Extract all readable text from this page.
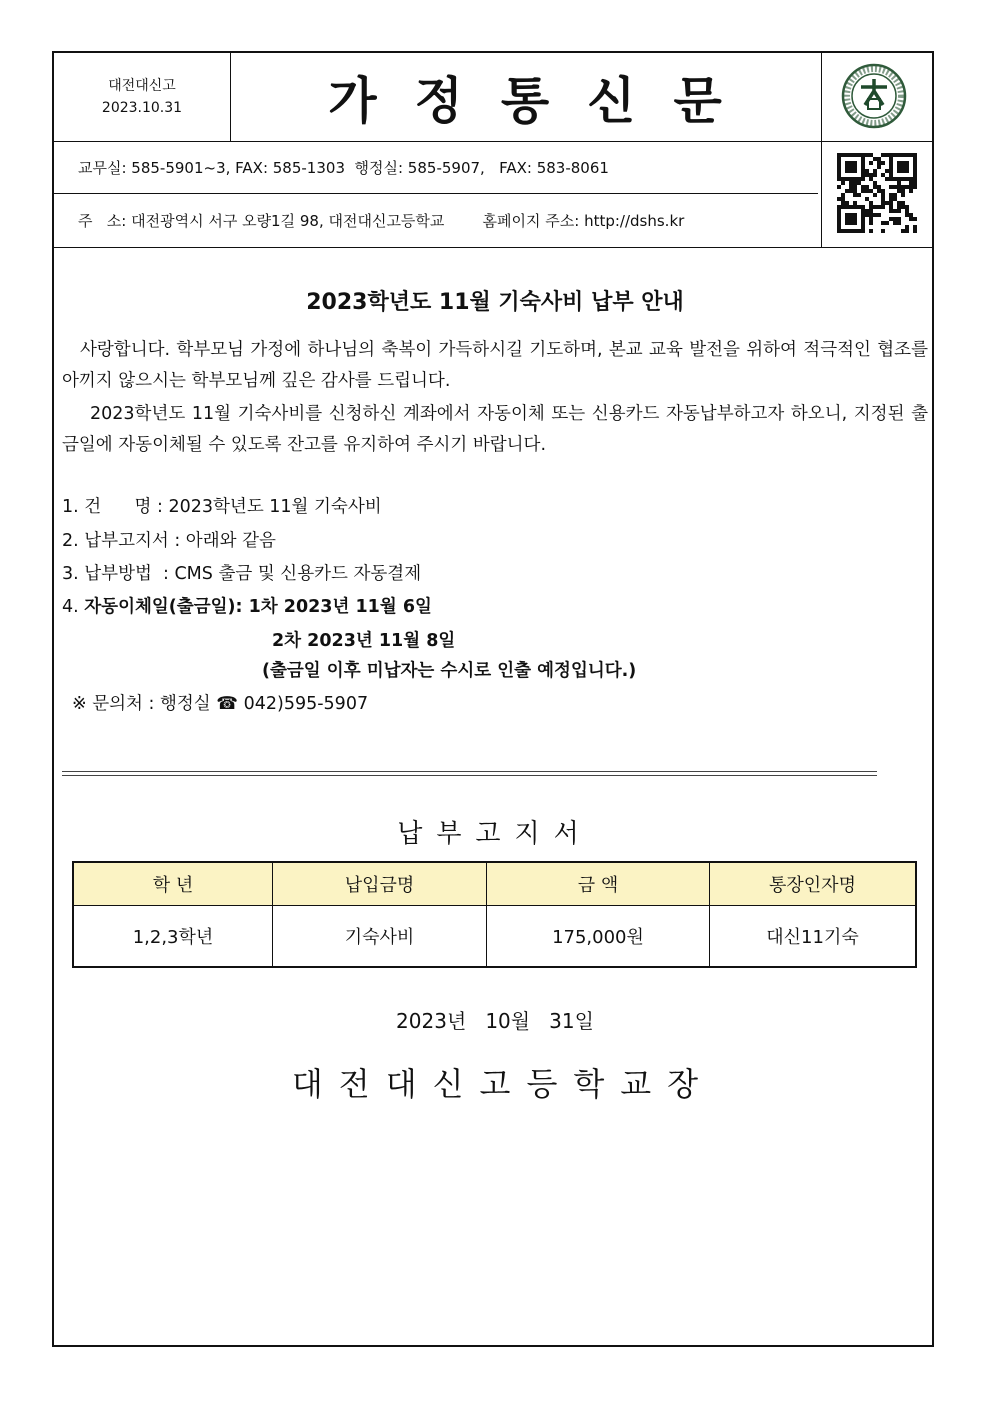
대전대신고
2023.10.31	가정통신문
교무실: 585-5901~3, FAX: 585-1303  행정실: 585-5907,   FAX: 583-8061
주   소: 대전광역시 서구 오량1길 98, 대전대신고등학교        홈페이지 주소: http://dshs.kr
2023학년도 11월 기숙사비 납부 안내
사랑합니다. 학부모님 가정에 하나님의 축복이 가득하시길 기도하며, 본교 교육 발전을 위하여 적극적인 협조를 아끼지 않으시는 학부모님께 깊은 감사를 드립니다.
2023학년도 11월 기숙사비를 신청하신 계좌에서 자동이체 또는 신용카드 자동납부하고자 하오니, 지정된 출금일에 자동이체될 수 있도록 잔고를 유지하여 주시기 바랍니다.
1. 건      명 : 2023학년도 11월 기숙사비
2. 납부고지서 : 아래와 같음
3. 납부방법  : CMS 출금 및 신용카드 자동결제
4. 자동이체일(출금일): 1차 2023년 11월 6일
2차 2023년 11월 8일
(출금일 이후 미납자는 수시로 인출 예정입니다.)
※ 문의처 : 행정실 ☎ 042)595-5907
납부고지서
학 년	납입금명	금 액	통장인자명
1,2,3학년	기숙사비	175,000원	대신11기숙
2023년   10월   31일
대전대신고등학교장
